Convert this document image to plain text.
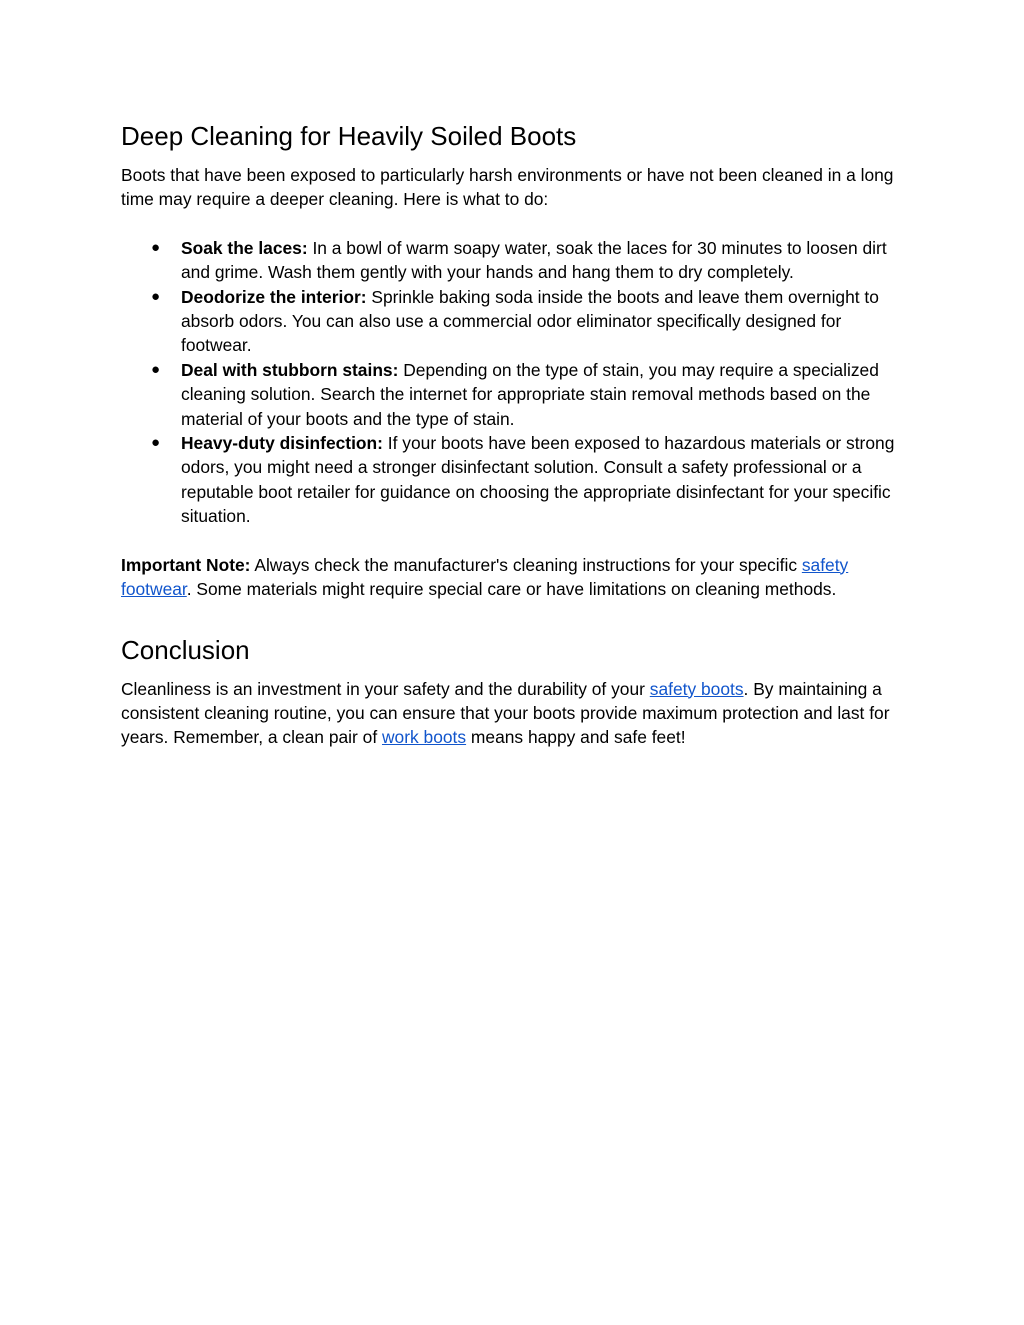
Deep Cleaning for Heavily Soiled Boots

Boots that have been exposed to particularly harsh environments or have not been cleaned in a long time may require a deeper cleaning. Here is what to do:

● Soak the laces: In a bowl of warm soapy water, soak the laces for 30 minutes to loosen dirt and grime. Wash them gently with your hands and hang them to dry completely.
● Deodorize the interior: Sprinkle baking soda inside the boots and leave them overnight to absorb odors. You can also use a commercial odor eliminator specifically designed for footwear.
● Deal with stubborn stains: Depending on the type of stain, you may require a specialized cleaning solution. Search the internet for appropriate stain removal methods based on the material of your boots and the type of stain.
● Heavy-duty disinfection: If your boots have been exposed to hazardous materials or strong odors, you might need a stronger disinfectant solution. Consult a safety professional or a reputable boot retailer for guidance on choosing the appropriate disinfectant for your specific situation.

Important Note: Always check the manufacturer's cleaning instructions for your specific safety footwear. Some materials might require special care or have limitations on cleaning methods.

Conclusion

Cleanliness is an investment in your safety and the durability of your safety boots. By maintaining a consistent cleaning routine, you can ensure that your boots provide maximum protection and last for years. Remember, a clean pair of work boots means happy and safe feet!
